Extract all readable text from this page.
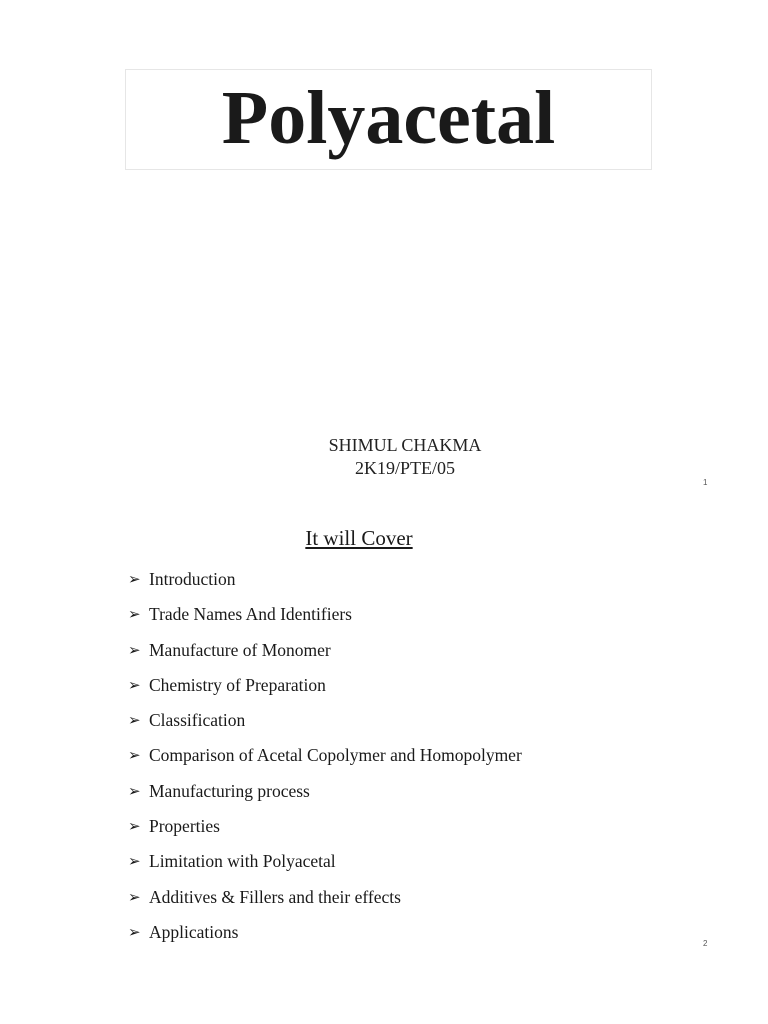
Polyacetal
SHIMUL CHAKMA
2K19/PTE/05
1
It will Cover
➢ Introduction
➢ Trade Names And Identifiers
➢ Manufacture of Monomer
➢ Chemistry of Preparation
➢ Classification
➢ Comparison of Acetal Copolymer and Homopolymer
➢ Manufacturing process
➢ Properties
➢ Limitation with Polyacetal
➢ Additives & Fillers and their effects
➢ Applications
2
